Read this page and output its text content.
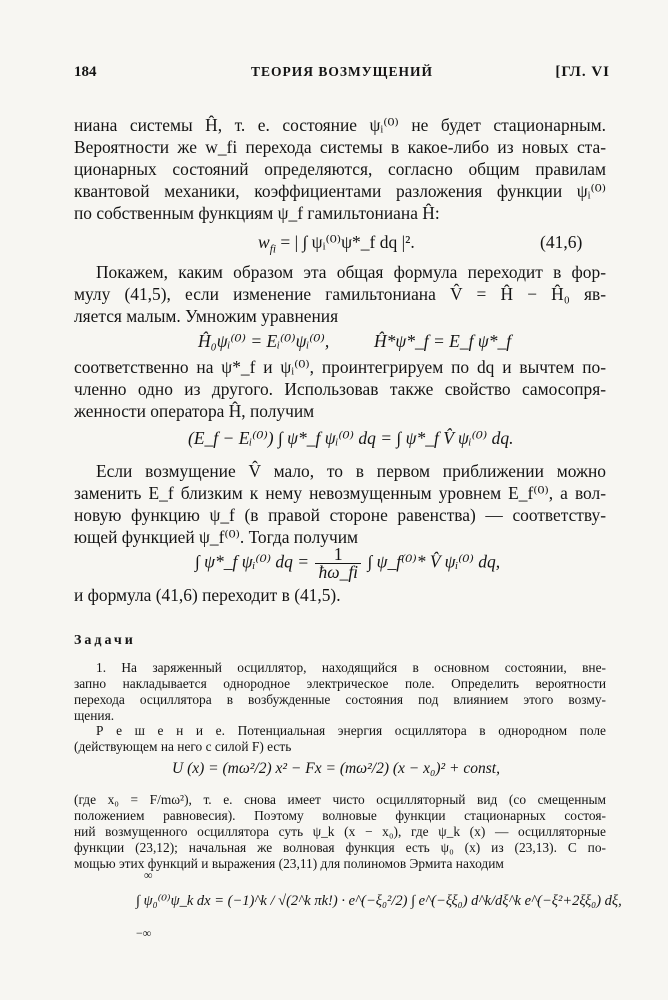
184	ТЕОРИЯ ВОЗМУЩЕНИЙ	[ГЛ. VI
ниана системы Ĥ, т. е. состояние ψᵢ⁽⁰⁾ не будет стационарным.
Вероятности же w_fi перехода системы в какое-либо из новых ста-
ционарных состояний определяются, согласно общим правилам
квантовой механики, коэффициентами разложения функции ψᵢ⁽⁰⁾
по собственным функциям ψ_f гамильтониана Ĥ:
$w_{fi}$ = | ∫ ψᵢ⁽⁰⁾ψ*_f dq |².	(41,6)
Покажем, каким образом эта общая формула переходит в фор-
мулу (41,5), если изменение гамильтониана V̂ = Ĥ − Ĥ₀ яв-
ляется малым. Умножим уравнения
Ĥ₀ψᵢ⁽⁰⁾ = Eᵢ⁽⁰⁾ψᵢ⁽⁰⁾,	Ĥ*ψ*_f = E_f ψ*_f
соответственно на ψ*_f и ψᵢ⁽⁰⁾, проинтегрируем по dq и вычтем по-
членно одно из другого. Использовав также свойство самосопря-
женности оператора Ĥ, получим
(E_f − Eᵢ⁽⁰⁾) ∫ ψ*_f ψᵢ⁽⁰⁾ dq = ∫ ψ*_f V̂ ψᵢ⁽⁰⁾ dq.
Если возмущение V̂ мало, то в первом приближении можно
заменить E_f близким к нему невозмущенным уровнем E_f⁽⁰⁾, а вол-
новую функцию ψ_f (в правой стороне равенства) — соответству-
ющей функцией ψ_f⁽⁰⁾. Тогда получим
∫ ψ*_f ψᵢ⁽⁰⁾ dq = $\frac{1}{ħ\omega\_fi}$ ∫ ψ_f⁽⁰⁾* V̂ ψᵢ⁽⁰⁾ dq,
и формула (41,6) переходит в (41,5).
Задачи
1. На заряженный осциллятор, находящийся в основном состоянии, вне-
запно накладывается однородное электрическое поле. Определить вероятности
перехода осциллятора в возбужденные состояния под влиянием этого возму-
щения.
Р е ш е н и е. Потенциальная энергия осциллятора в однородном поле
(действующем на него с силой F) есть
U (x) = (mω²/2) x² − Fx = (mω²/2) (x − x₀)² + const,
(где x₀ = F/mω²), т. е. снова имеет чисто осцилляторный вид (со смещенным
положением равновесия). Поэтому волновые функции стационарных состоя-
ний возмущенного осциллятора суть ψ_k (x − x₀), где ψ_k (x) — осцилляторные
функции (23,12); начальная же волновая функция есть ψ₀ (x) из (23,13). С по-
мощью этих функций и выражения (23,11) для полиномов Эрмита находим
∞
−∞
∫ ψ₀⁽⁰⁾ψ_k dx = (−1)^k / √(2^k πk!) · e^(−ξ₀²/2) ∫ e^(−ξξ₀) d^k/dξ^k e^(−ξ²+2ξξ₀) dξ,
